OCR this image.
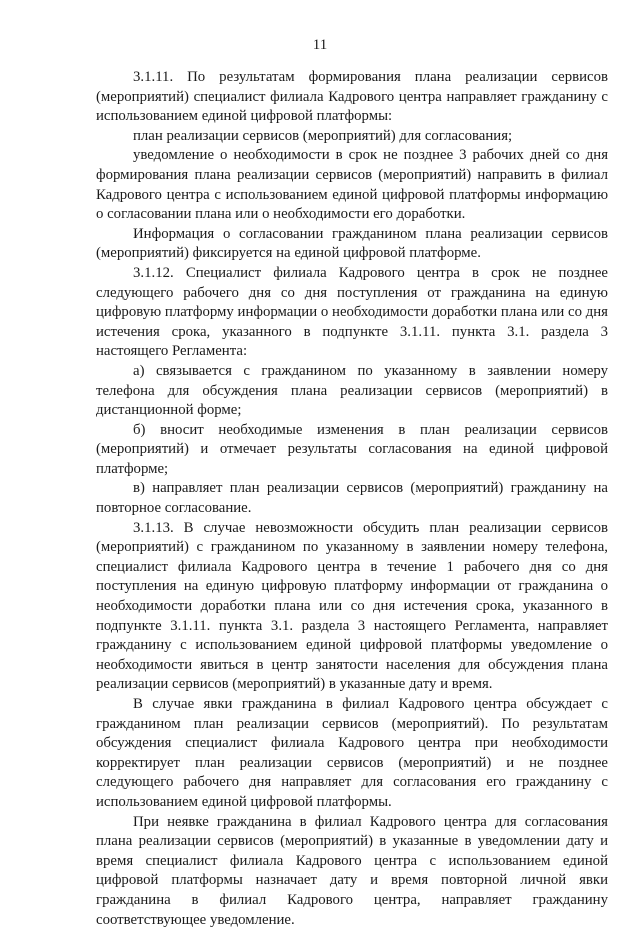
11

3.1.11. По результатам формирования плана реализации сервисов (мероприятий) специалист филиала Кадрового центра направляет гражданину с использованием единой цифровой платформы:

план реализации сервисов (мероприятий) для согласования;

уведомление о необходимости в срок не позднее 3 рабочих дней со дня формирования плана реализации сервисов (мероприятий) направить в филиал Кадрового центра с использованием единой цифровой платформы информацию о согласовании плана или о необходимости его доработки.

Информация о согласовании гражданином плана реализации сервисов (мероприятий) фиксируется на единой цифровой платформе.

3.1.12. Специалист филиала Кадрового центра в срок не позднее следующего рабочего дня со дня поступления от гражданина на единую цифровую платформу информации о необходимости доработки плана или со дня истечения срока, указанного в подпункте 3.1.11. пункта 3.1. раздела 3 настоящего Регламента:

а) связывается с гражданином по указанному в заявлении номеру телефона для обсуждения плана реализации сервисов (мероприятий) в дистанционной форме;

б) вносит необходимые изменения в план реализации сервисов (мероприятий) и отмечает результаты согласования на единой цифровой платформе;

в) направляет план реализации сервисов (мероприятий) гражданину на повторное согласование.

3.1.13. В случае невозможности обсудить план реализации сервисов (мероприятий) с гражданином по указанному в заявлении номеру телефона, специалист филиала Кадрового центра в течение 1 рабочего дня со дня поступления на единую цифровую платформу информации от гражданина о необходимости доработки плана или со дня истечения срока, указанного в подпункте 3.1.11. пункта 3.1. раздела 3 настоящего Регламента, направляет гражданину с использованием единой цифровой платформы уведомление о необходимости явиться в центр занятости населения для обсуждения плана реализации сервисов (мероприятий) в указанные дату и время.

В случае явки гражданина в филиал Кадрового центра обсуждает с гражданином план реализации сервисов (мероприятий). По результатам обсуждения специалист филиала Кадрового центра при необходимости корректирует план реализации сервисов (мероприятий) и не позднее следующего рабочего дня направляет для согласования его гражданину с использованием единой цифровой платформы.

При неявке гражданина в филиал Кадрового центра для согласования плана реализации сервисов (мероприятий) в указанные в уведомлении дату и время специалист филиала Кадрового центра с использованием единой цифровой платформы назначает дату и время повторной личной явки гражданина в филиал Кадрового центра, направляет гражданину соответствующее уведомление.
